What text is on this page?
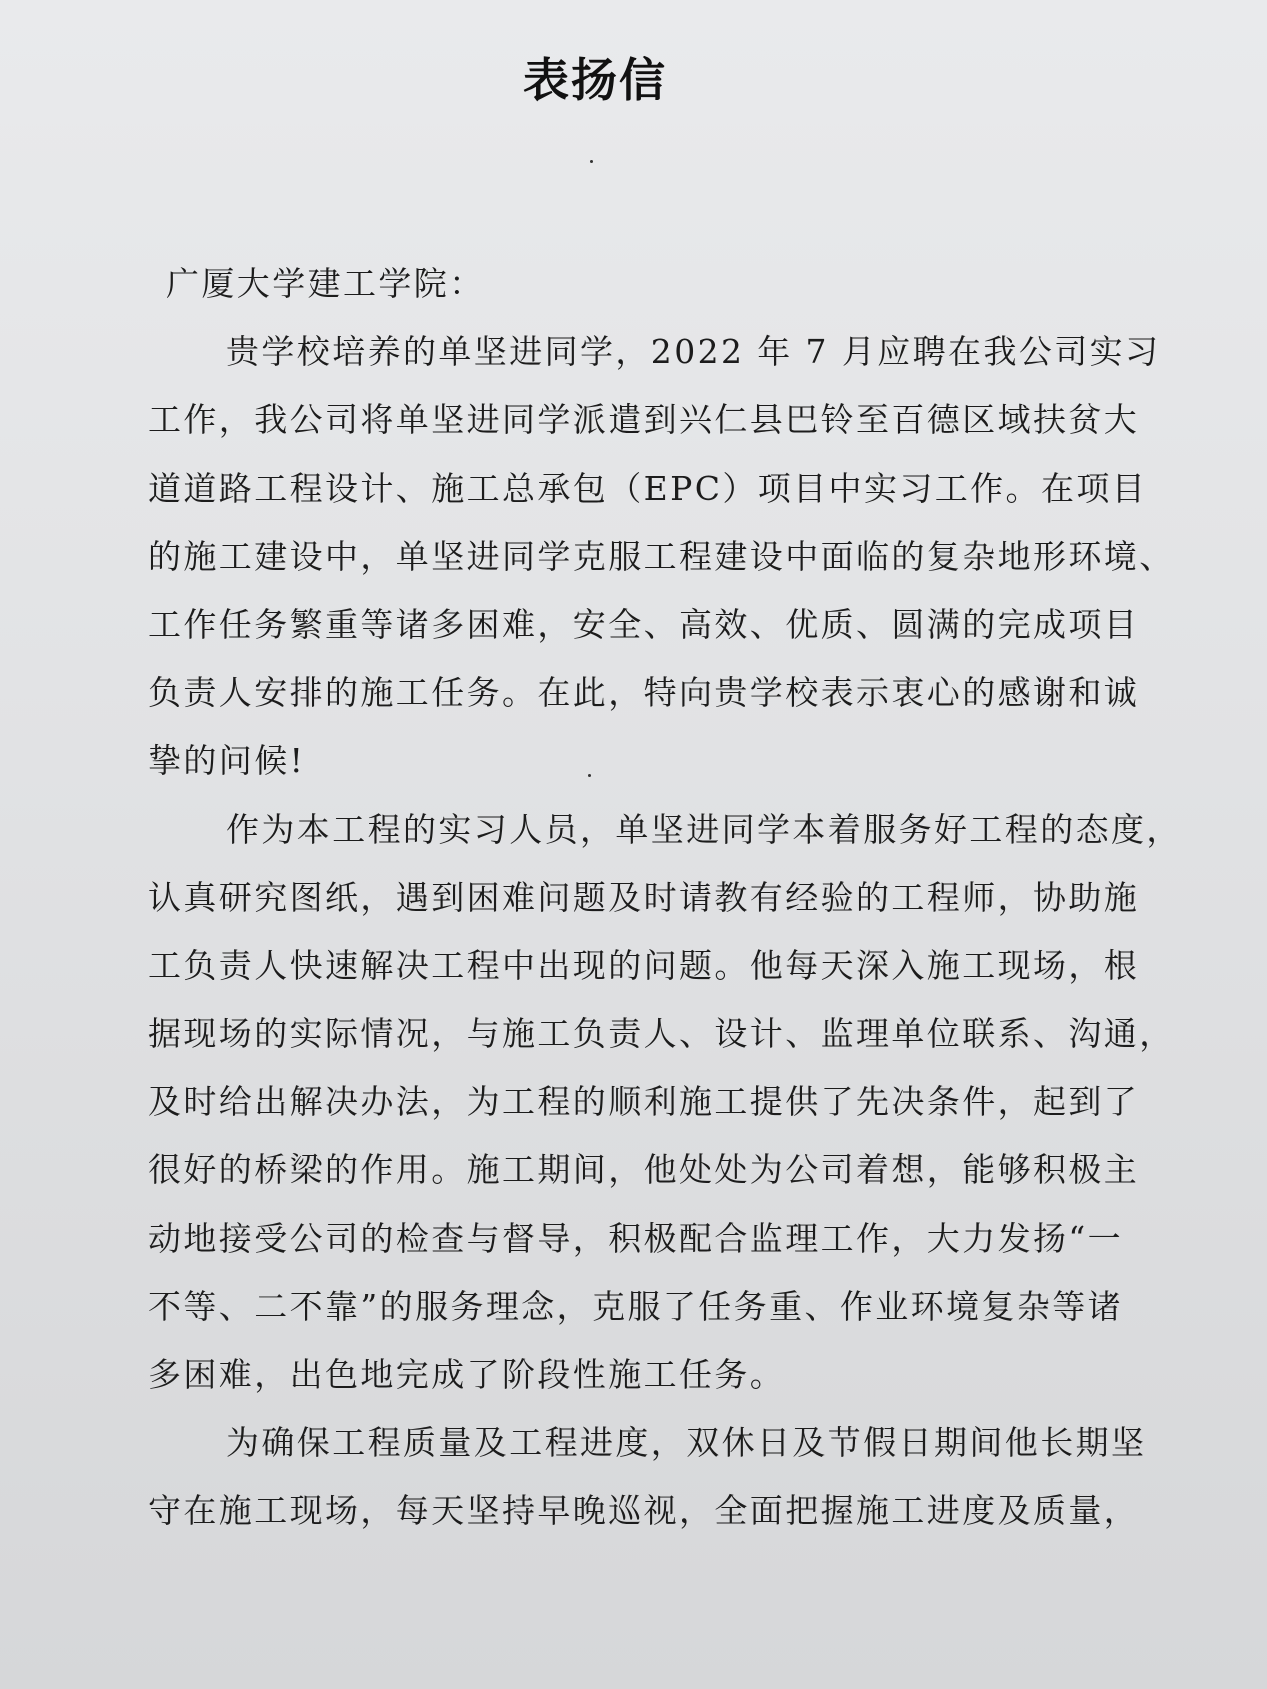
表扬信
广厦大学建工学院：
贵学校培养的单坚进同学，2022 年 7 月应聘在我公司实习
工作，我公司将单坚进同学派遣到兴仁县巴铃至百德区域扶贫大
道道路工程设计、施工总承包（EPC）项目中实习工作。在项目
的施工建设中，单坚进同学克服工程建设中面临的复杂地形环境、
工作任务繁重等诸多困难，安全、高效、优质、圆满的完成项目
负责人安排的施工任务。在此，特向贵学校表示衷心的感谢和诚
挚的问候!
作为本工程的实习人员，单坚进同学本着服务好工程的态度，
认真研究图纸，遇到困难问题及时请教有经验的工程师，协助施
工负责人快速解决工程中出现的问题。他每天深入施工现场，根
据现场的实际情况，与施工负责人、设计、监理单位联系、沟通，
及时给出解决办法，为工程的顺利施工提供了先决条件，起到了
很好的桥梁的作用。施工期间，他处处为公司着想，能够积极主
动地接受公司的检查与督导，积极配合监理工作，大力发扬“一
不等、二不靠”的服务理念，克服了任务重、作业环境复杂等诸
多困难，出色地完成了阶段性施工任务。
为确保工程质量及工程进度，双休日及节假日期间他长期坚
守在施工现场，每天坚持早晚巡视，全面把握施工进度及质量，
